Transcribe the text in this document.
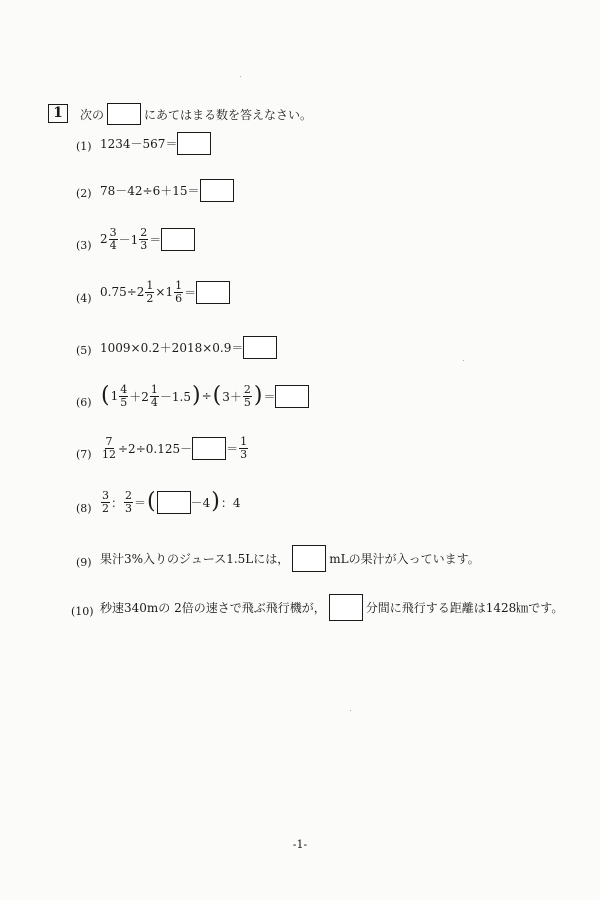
1	次の	にあてはまる数を答えなさい。
(1) 1234－567＝
(2) 78－42÷6＋15＝
(3) $2 \frac{3}{4} -1 \frac{2}{3}$ ＝
(4) $0.75\div 2 \frac{1}{2} \times 1 \frac{1}{6}$ ＝
(5) 1009×0.2＋2018×0.9＝
(6) ( $1 \frac{4}{5} +2 \frac{1}{4} -1.5$ ) ÷ ( $3+ \frac{2}{5}$ ) ＝
$(7) \frac{7}{12} \div 2\div 0.125-$	＝ $\frac{1}{3}$
$(8) \frac{3}{2}$ ： $\frac{2}{3}$ ＝ (	－4 ) ：4
(9) 果汁3%入りのジュース1.5Lには，	mLの果汁が入っています。
(10) 秒速340mの 2倍の速さで飛ぶ飛行機が，	分間に飛行する距離は1428㎞です。
-1-
